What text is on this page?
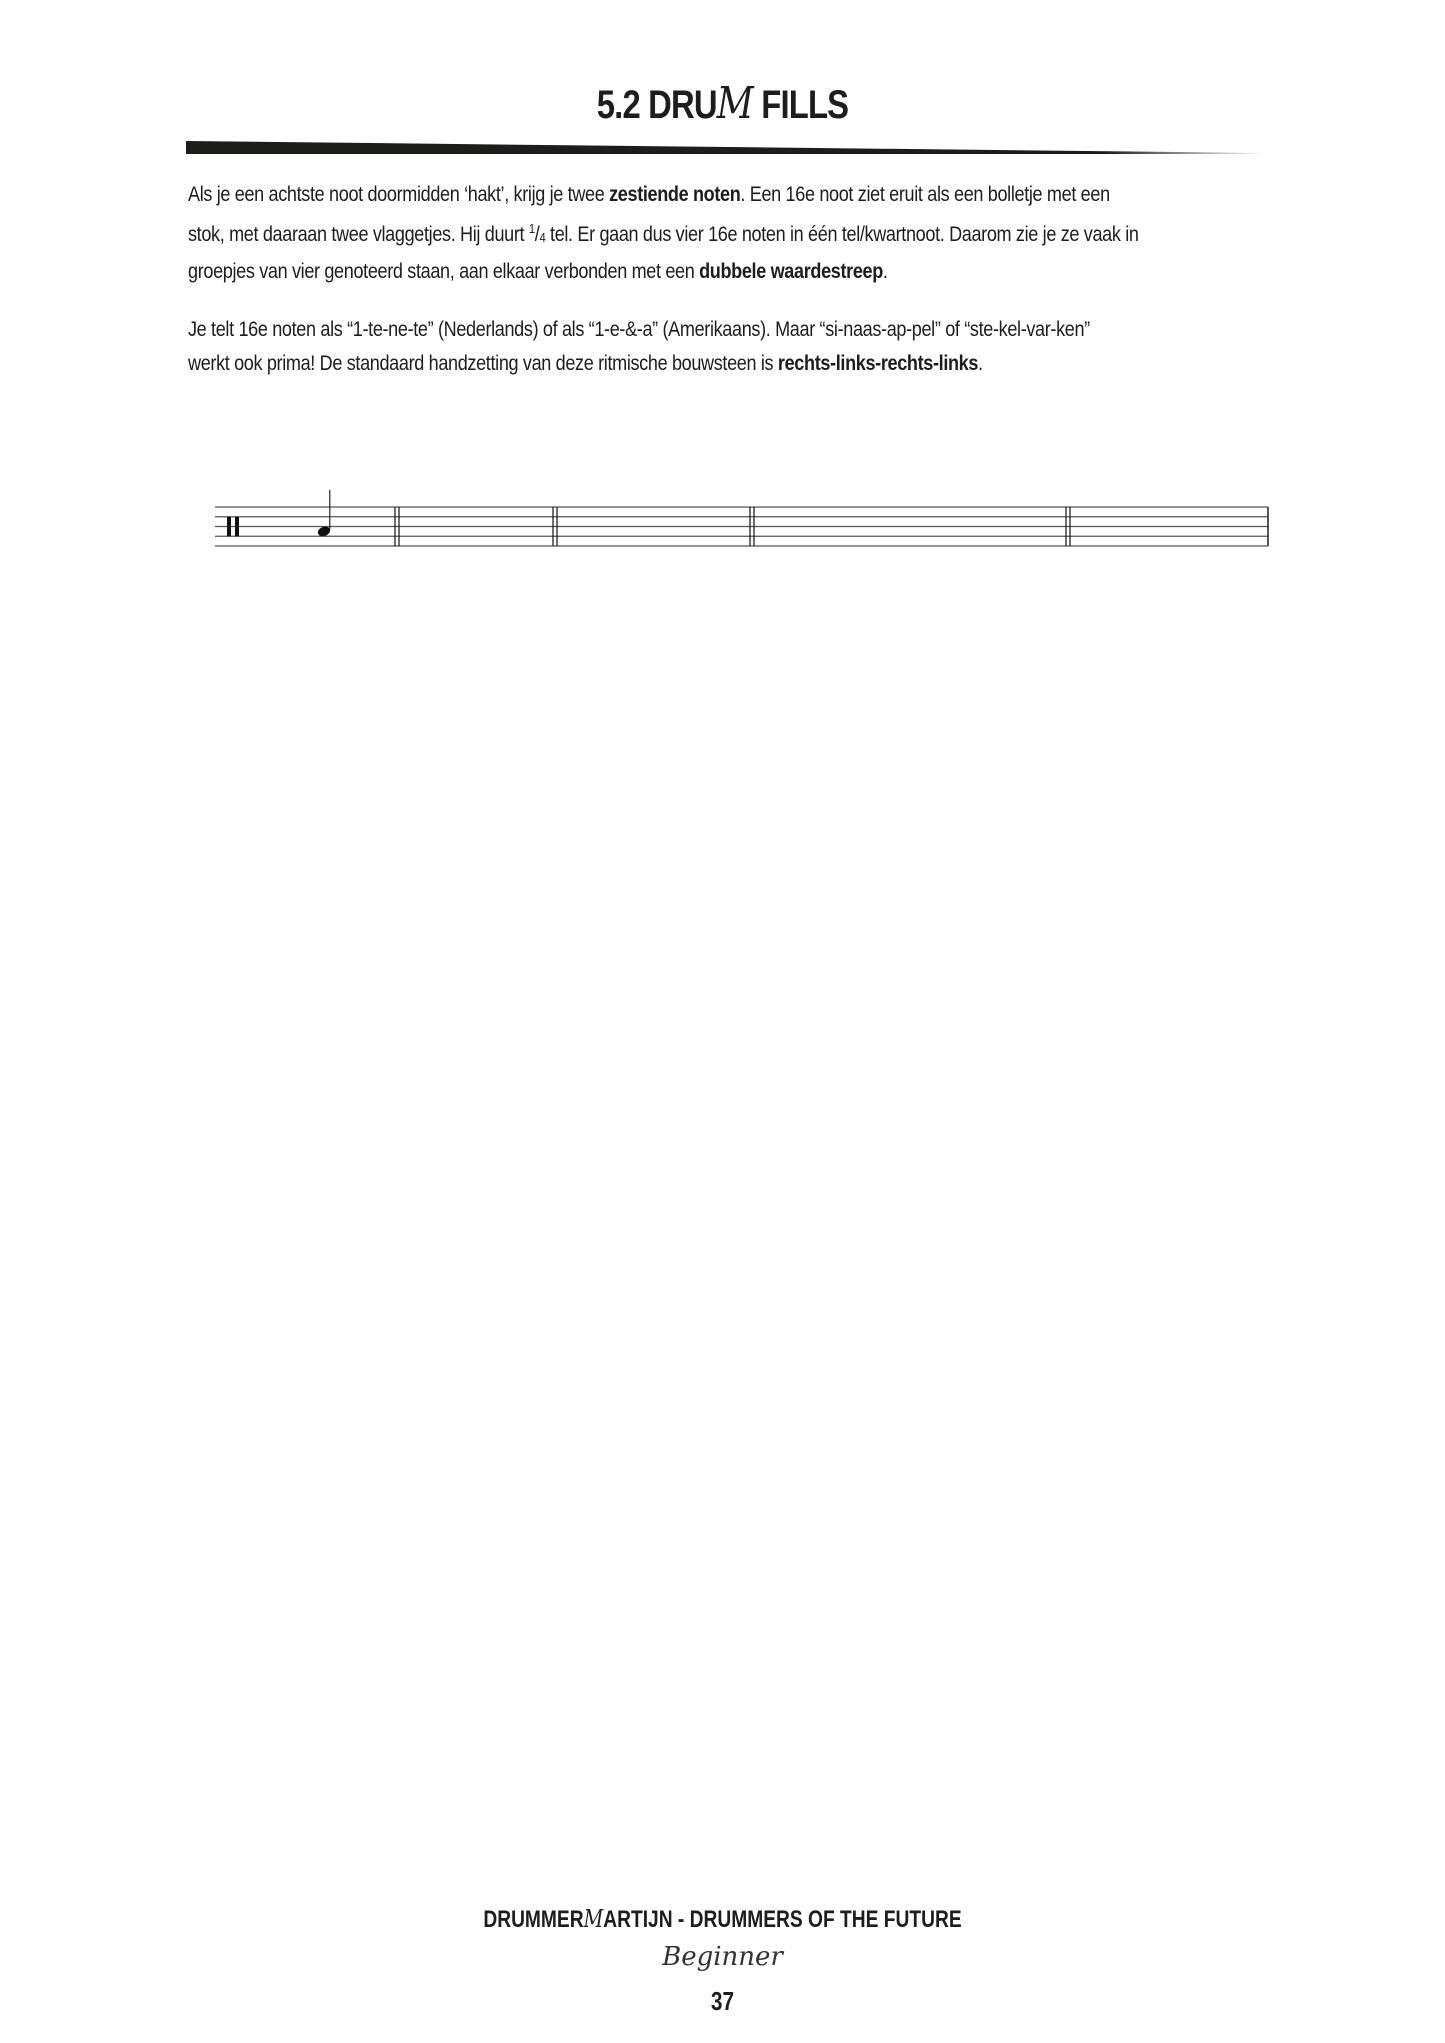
5.2 DRUM FILLS
Als je een achtste noot doormidden ‘hakt’, krijg je twee zestiende noten. Een 16e noot ziet eruit als een bolletje met een
stok, met daaraan twee vlaggetjes. Hij duurt $^1/_4$ tel. Er gaan dus vier 16e noten in één tel/kwartnoot. Daarom zie je ze vaak in
groepjes van vier genoteerd staan, aan elkaar verbonden met een dubbele waardestreep.
Je telt 16e noten als “1-te-ne-te” (Nederlands) of als “1-e-&-a” (Amerikaans). Maar “si-naas-ap-pel” of “ste-kel-var-ken”
werkt ook prima! De standaard handzetting van deze ritmische bouwsteen is rechts-links-rechts-links.
DRUMMERMARTIJN - DRUMMERS OF THE FUTURE
Beginner
37
